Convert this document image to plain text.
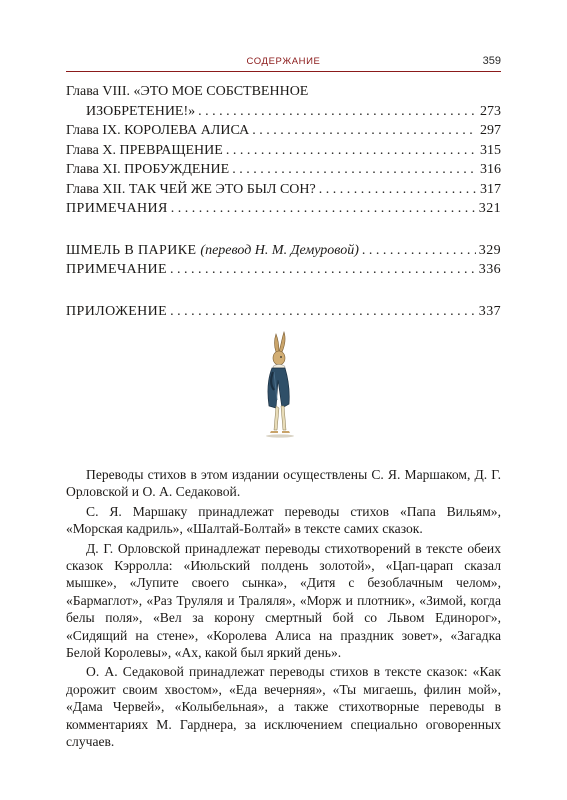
СОДЕРЖАНИЕ	359
Глава VIII. «ЭТО МОЕ СОБСТВЕННОЕ
ИЗОБРЕТЕНИЕ!» . . .	273
Глава IX. КОРОЛЕВА АЛИСА . . .	297
Глава X. ПРЕВРАЩЕНИЕ . . .	315
Глава XI. ПРОБУЖДЕНИЕ . . .	316
Глава XII. ТАК ЧЕЙ ЖЕ ЭТО БЫЛ СОН? . . .	317
ПРИМЕЧАНИЯ . . .	321
ШМЕЛЬ В ПАРИКЕ (перевод Н. М. Демуровой) . . .	329
ПРИМЕЧАНИЕ . . .	336
ПРИЛОЖЕНИЕ . . .	337

Переводы стихов в этом издании осуществлены С. Я. Маршаком, Д. Г. Орловской и О. А. Седаковой.

С. Я. Маршаку принадлежат переводы стихов «Папа Вильям», «Морская кадриль», «Шалтай-Болтай» в тексте самих сказок.

Д. Г. Орловской принадлежат переводы стихотворений в тексте обеих сказок Кэрролла: «Июльский полдень золотой», «Цап-царап сказал мышке», «Лупите своего сынка», «Дитя с безоблачным челом», «Бармаглот», «Раз Труляля и Траляля», «Морж и плотник», «Зимой, когда белы поля», «Вел за корону смертный бой со Львом Единорог», «Сидящий на стене», «Королева Алиса на праздник зовет», «Загадка Белой Королевы», «Ах, какой был яркий день».

О. А. Седаковой принадлежат переводы стихов в тексте сказок: «Как дорожит своим хвостом», «Еда вечерняя», «Ты мигаешь, филин мой», «Дама Червей», «Колыбельная», а также стихотворные переводы в комментариях М. Гарднера, за исключением специально оговоренных случаев.
